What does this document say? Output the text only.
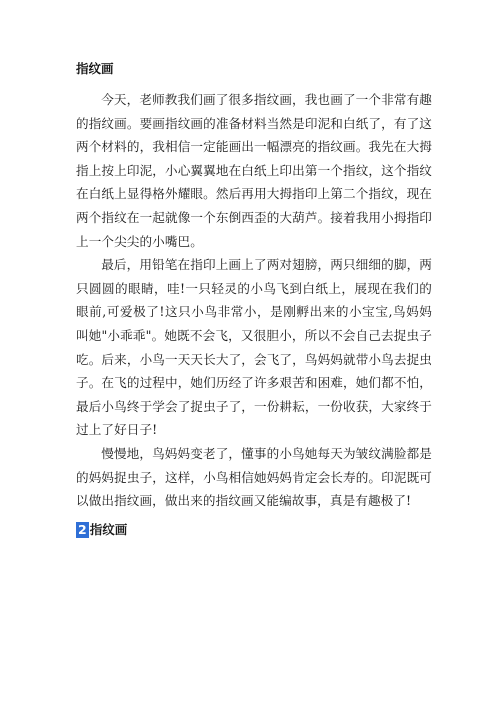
指纹画

今天，老师教我们画了很多指纹画，我也画了一个非常有趣的指纹画。要画指纹画的准备材料当然是印泥和白纸了，有了这两个材料的，我相信一定能画出一幅漂亮的指纹画。我先在大拇指上按上印泥，小心翼翼地在白纸上印出第一个指纹，这个指纹在白纸上显得格外耀眼。然后再用大拇指印上第二个指纹，现在两个指纹在一起就像一个东倒西歪的大葫芦。接着我用小拇指印上一个尖尖的小嘴巴。

最后，用铅笔在指印上画上了两对翅膀，两只细细的脚，两只圆圆的眼睛，哇!一只轻灵的小鸟飞到白纸上，展现在我们的眼前,可爱极了!这只小鸟非常小，是刚孵出来的小宝宝,鸟妈妈叫她"小乖乖"。她既不会飞，又很胆小，所以不会自己去捉虫子吃。后来，小鸟一天天长大了，会飞了，鸟妈妈就带小鸟去捉虫子。在飞的过程中，她们历经了许多艰苦和困难，她们都不怕，最后小鸟终于学会了捉虫子了，一份耕耘，一份收获，大家终于过上了好日子!

慢慢地，鸟妈妈变老了，懂事的小鸟她每天为皱纹满脸都是的妈妈捉虫子，这样，小鸟相信她妈妈肯定会长寿的。印泥既可以做出指纹画，做出来的指纹画又能编故事，真是有趣极了!

2 指纹画
